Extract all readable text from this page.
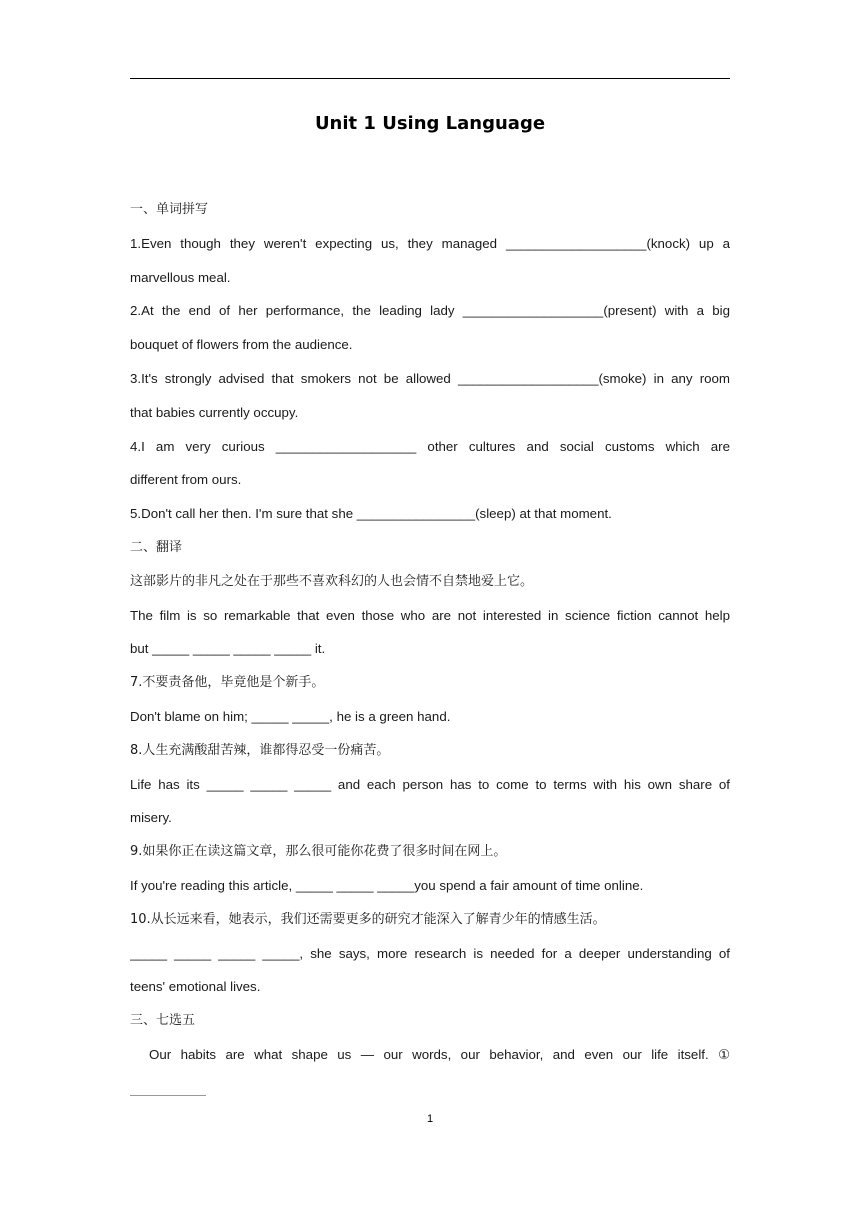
Unit 1 Using Language
一、单词拼写
1.Even though they weren't expecting us, they managed ___________________(knock) up a
marvellous meal.
2.At the end of her performance, the leading lady ___________________(present) with a big
bouquet of flowers from the audience.
3.It's strongly advised that smokers not be allowed ___________________(smoke) in any room
that babies currently occupy.
4.I am very curious ___________________ other cultures and social customs which are
different from ours.
5.Don't call her then. I'm sure that she ________________(sleep) at that moment.
二、翻译
这部影片的非凡之处在于那些不喜欢科幻的人也会情不自禁地爱上它。
The film is so remarkable that even those who are not interested in science fiction cannot help
but _____ _____ _____ _____ it.
7.不要责备他，毕竟他是个新手。
Don't blame on him; _____ _____, he is a green hand.
8.人生充满酸甜苦辣，谁都得忍受一份痛苦。
Life has its _____ _____ _____ and each person has to come to terms with his own share of
misery.
9.如果你正在读这篇文章，那么很可能你花费了很多时间在网上。
If you're reading this article, _____ _____ _____you spend a fair amount of time online.
10.从长远来看，她表示，我们还需要更多的研究才能深入了解青少年的情感生活。
_____ _____ _____ _____, she says, more research is needed for a deeper understanding of
teens' emotional lives.
三、七选五
Our habits are what shape us — our words, our behavior, and even our life itself. ①
1
